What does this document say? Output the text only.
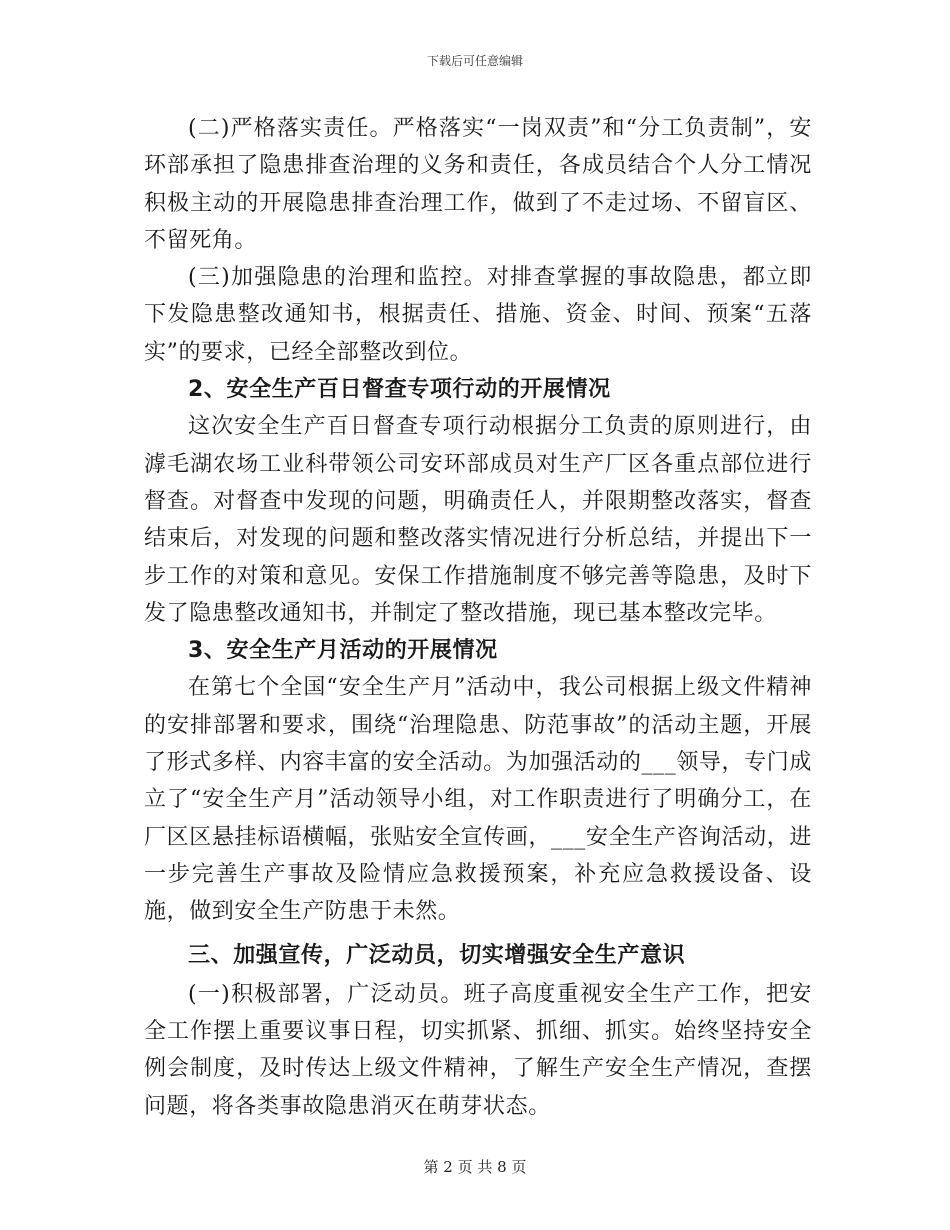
下载后可任意编辑

(二)严格落实责任。严格落实“一岗双责”和“分工负责制”，安环部承担了隐患排查治理的义务和责任，各成员结合个人分工情况积极主动的开展隐患排查治理工作，做到了不走过场、不留盲区、不留死角。

(三)加强隐患的治理和监控。对排查掌握的事故隐患，都立即下发隐患整改通知书，根据责任、措施、资金、时间、预案“五落实”的要求，已经全部整改到位。

2、安全生产百日督查专项行动的开展情况

这次安全生产百日督查专项行动根据分工负责的原则进行，由滹毛湖农场工业科带领公司安环部成员对生产厂区各重点部位进行督查。对督查中发现的问题，明确责任人，并限期整改落实，督查结束后，对发现的问题和整改落实情况进行分析总结，并提出下一步工作的对策和意见。安保工作措施制度不够完善等隐患，及时下发了隐患整改通知书，并制定了整改措施，现已基本整改完毕。

3、安全生产月活动的开展情况

在第七个全国“安全生产月”活动中，我公司根据上级文件精神的安排部署和要求，围绕“治理隐患、防范事故”的活动主题，开展了形式多样、内容丰富的安全活动。为加强活动的___领导，专门成立了“安全生产月”活动领导小组，对工作职责进行了明确分工，在厂区区悬挂标语横幅，张贴安全宣传画，___安全生产咨询活动，进一步完善生产事故及险情应急救援预案，补充应急救援设备、设施，做到安全生产防患于未然。

三、加强宣传，广泛动员，切实增强安全生产意识

(一)积极部署，广泛动员。班子高度重视安全生产工作，把安全工作摆上重要议事日程，切实抓紧、抓细、抓实。始终坚持安全例会制度，及时传达上级文件精神，了解生产安全生产情况，查摆问题，将各类事故隐患消灭在萌芽状态。

第 2 页 共 8 页
